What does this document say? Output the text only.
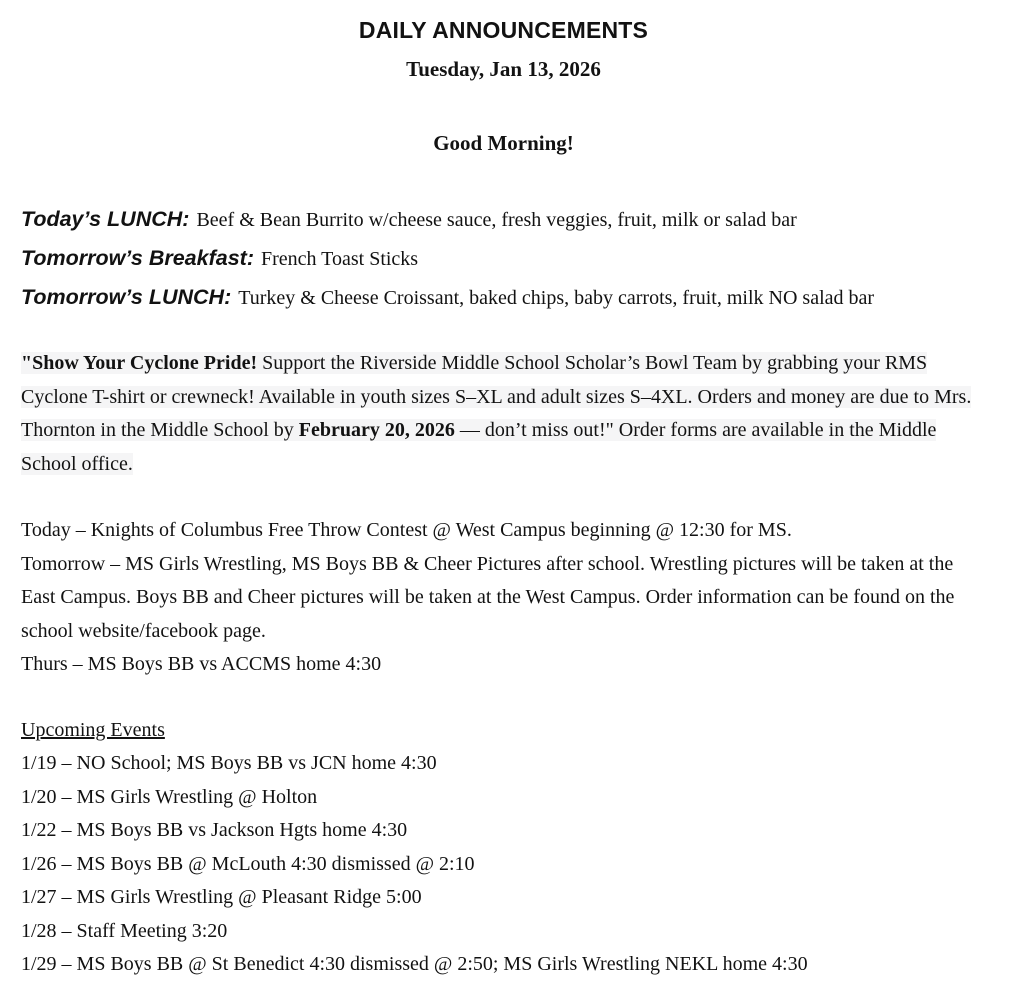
DAILY ANNOUNCEMENTS
Tuesday, Jan 13, 2026
Good Morning!
Today’s LUNCH: Beef & Bean Burrito w/cheese sauce, fresh veggies, fruit, milk or salad bar
Tomorrow’s Breakfast: French Toast Sticks
Tomorrow’s LUNCH: Turkey & Cheese Croissant, baked chips, baby carrots, fruit, milk NO salad bar
"Show Your Cyclone Pride! Support the Riverside Middle School Scholar’s Bowl Team by grabbing your RMS Cyclone T-shirt or crewneck! Available in youth sizes S–XL and adult sizes S–4XL. Orders and money are due to Mrs. Thornton in the Middle School by February 20, 2026 — don’t miss out!" Order forms are available in the Middle School office.
Today – Knights of Columbus Free Throw Contest @ West Campus beginning @ 12:30 for MS.
Tomorrow – MS Girls Wrestling, MS Boys BB & Cheer Pictures after school. Wrestling pictures will be taken at the East Campus. Boys BB and Cheer pictures will be taken at the West Campus. Order information can be found on the school website/facebook page.
Thurs – MS Boys BB vs ACCMS home 4:30
Upcoming Events
1/19 – NO School; MS Boys BB vs JCN home 4:30
1/20 – MS Girls Wrestling @ Holton
1/22 – MS Boys BB vs Jackson Hgts home 4:30
1/26 – MS Boys BB @ McLouth 4:30 dismissed @ 2:10
1/27 – MS Girls Wrestling @ Pleasant Ridge 5:00
1/28 – Staff Meeting 3:20
1/29 – MS Boys BB @ St Benedict 4:30 dismissed @ 2:50; MS Girls Wrestling NEKL home 4:30
